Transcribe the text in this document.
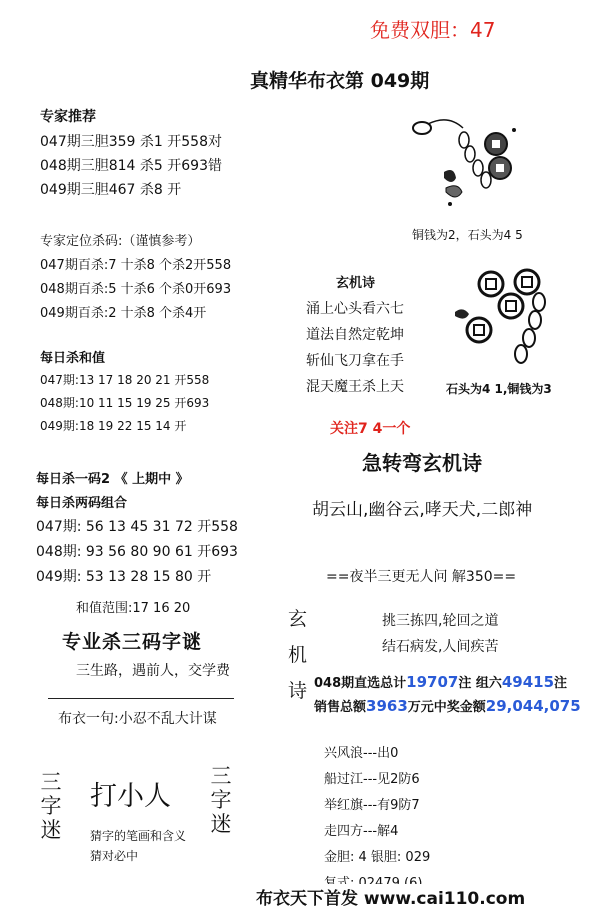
免费双胆：47
真精华布衣第 049期
专家推荐
047期三胆359 杀1 开558对
048期三胆814 杀5 开693错
049期三胆467 杀8 开
专家定位杀码:（谨慎参考）
047期百杀:7 十杀8 个杀2开558
048期百杀:5 十杀6 个杀0开693
049期百杀:2 十杀8 个杀4开
每日杀和值
047期:13 17 18 20 21 开558
048期:10 11 15 19 25 开693
049期:18 19 22 15 14 开
每日杀一码2 《 上期中 》
每日杀两码组合
047期: 56 13 45 31 72 开558
048期: 93 56 80 90 61 开693
049期: 53 13 28 15 80 开
和值范围:17 16 20
专业杀三码字谜
三生路，遇前人，交学费
布衣一句:小忍不乱大计谋
三字迷
打小人
三字迷
猜字的笔画和含义
猜对必中
铜钱为2，石头为4 5
玄机诗
涌上心头看六七
道法自然定乾坤
斩仙飞刀拿在手
混天魔王杀上天	石头为4 1,铜钱为3
关注7 4一个
急转弯玄机诗
胡云山,幽谷云,哮天犬,二郎神
==夜半三更无人问 解350==
玄
机
诗
挑三拣四,轮回之道
结石病发,人间疾苦
048期直选总计19707注 组六49415注
销售总额3963万元中奖金额29,044,075
兴风浪---出0
船过江---见2防6
举红旗---有9防7
走四方---解4
金胆: 4 银胆: 029
布衣天下首发 www.cai110.com
